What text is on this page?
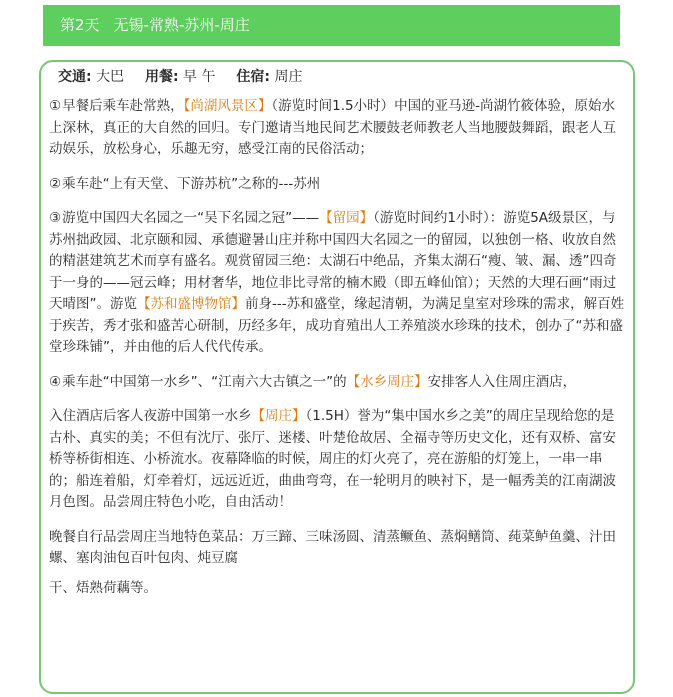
第2天 无锡-常熟-苏州-周庄
交通: 大巴 用餐: 早 午 住宿: 周庄

①早餐后乘车赴常熟，【尚湖风景区】（游览时间1.5小时）中国的亚马逊-尚湖竹筱体验，原始水上深林，真正的大自然的回归。专门邀请当地民间艺术腰鼓老师教老人当地腰鼓舞蹈，跟老人互动娱乐，放松身心，乐趣无穷，感受江南的民俗活动；

②乘车赴“上有天堂、下游苏杭”之称的---苏州

③游览中国四大名园之一“吴下名园之冠”——【留园】（游览时间约1小时）：游览5A级景区，与苏州拙政园、北京颐和园、承德避暑山庄并称中国四大名园之一的留园，以独创一格、收放自然的精湛建筑艺术而享有盛名。观赏留园三绝：太湖石中绝品，齐集太湖石“瘦、皱、漏、透”四奇于一身的——冠云峰；用材奢华，地位非比寻常的楠木殿（即五峰仙馆）；天然的大理石画“雨过天晴图”。游览【苏和盛博物馆】前身---苏和盛堂，缘起清朝，为满足皇室对珍珠的需求，解百姓于疾苦，秀才张和盛苦心研制，历经多年，成功育殖出人工养殖淡水珍珠的技术，创办了“苏和盛堂珍珠铺”，并由他的后人代代传承。

④乘车赴“中国第一水乡”、“江南六大古镇之一”的【水乡周庄】安排客人入住周庄酒店，

入住酒店后客人夜游中国第一水乡【周庄】（1.5H）誉为“集中国水乡之美”的周庄呈现给您的是古朴、真实的美；不但有沈厅、张厅、迷楼、叶楚伧故居、全福寺等历史文化，还有双桥、富安桥等桥街相连、小桥流水。夜幕降临的时候，周庄的灯火亮了，亮在游船的灯笼上，一串一串的；船连着船，灯牵着灯，远远近近，曲曲弯弯，在一轮明月的映衬下，是一幅秀美的江南湖波月色图。品尝周庄特色小吃，自由活动！

晚餐自行品尝周庄当地特色菜品：万三蹄、三味汤圆、清蒸鳜鱼、蒸焖鳝筒、莼菜鲈鱼羹、汁田螺、塞肉油包百叶包肉、炖豆腐

干、焐熟荷藕等。
